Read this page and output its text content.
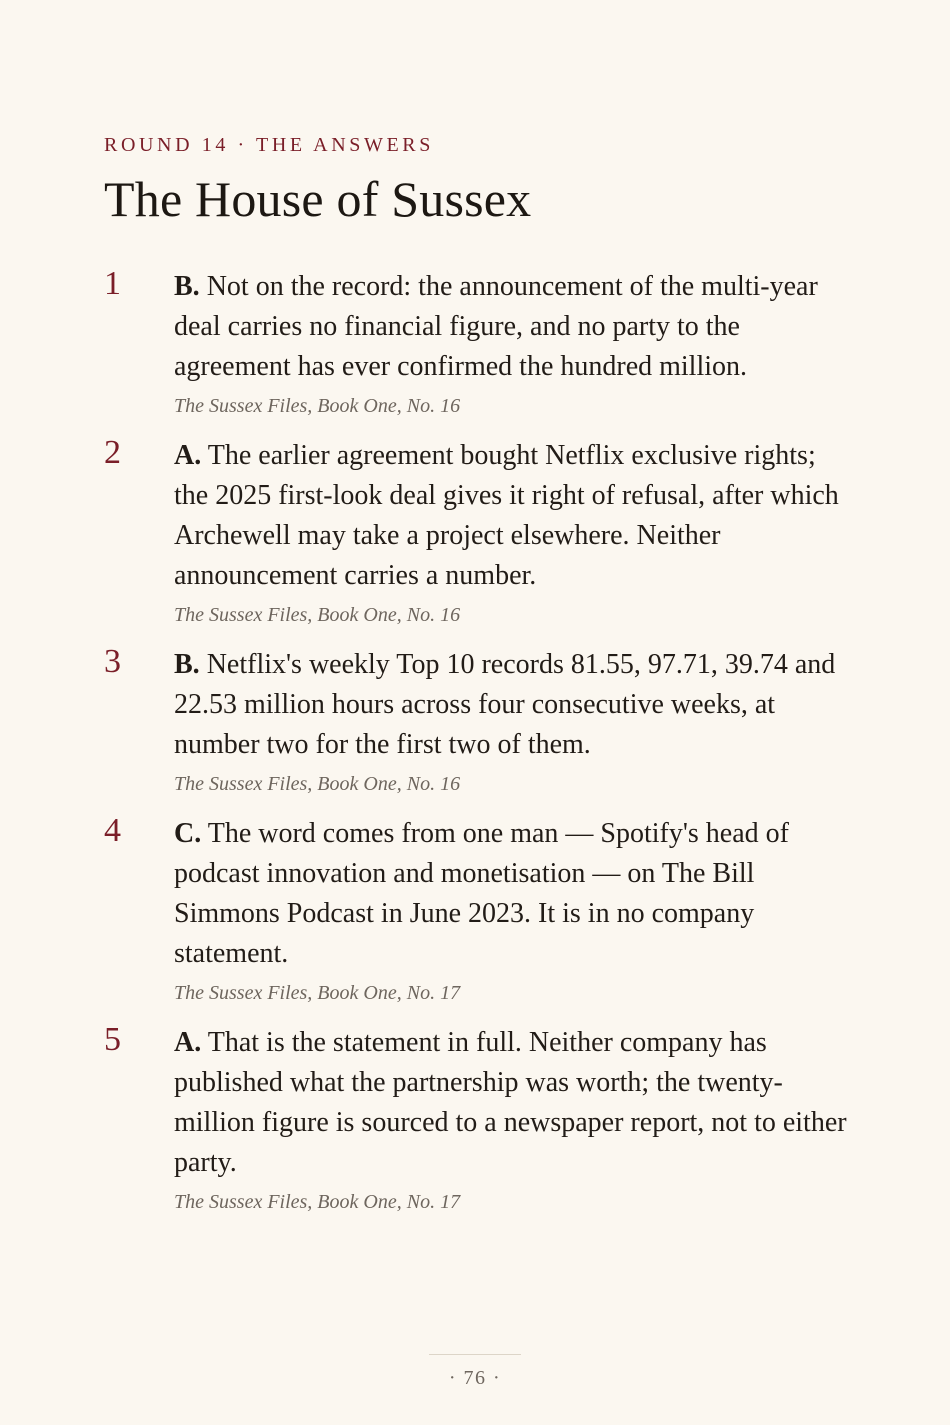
ROUND 14 · THE ANSWERS

The House of Sussex
1	B. Not on the record: the announcement of the multi-year deal carries no financial figure, and no party to the agreement has ever confirmed the hundred million.

The Sussex Files, Book One, No. 16

2	A. The earlier agreement bought Netflix exclusive rights; the 2025 first-look deal gives it right of refusal, after which Archewell may take a project elsewhere. Neither announcement carries a number.

The Sussex Files, Book One, No. 16

3	B. Netflix's weekly Top 10 records 81.55, 97.71, 39.74 and 22.53 million hours across four consecutive weeks, at number two for the first two of them.

The Sussex Files, Book One, No. 16

4	C. The word comes from one man — Spotify's head of podcast innovation and monetisation — on The Bill Simmons Podcast in June 2023. It is in no company statement.

The Sussex Files, Book One, No. 17

5	A. That is the statement in full. Neither company has published what the partnership was worth; the twenty-million figure is sourced to a newspaper report, not to either party.

The Sussex Files, Book One, No. 17

· 76 ·
